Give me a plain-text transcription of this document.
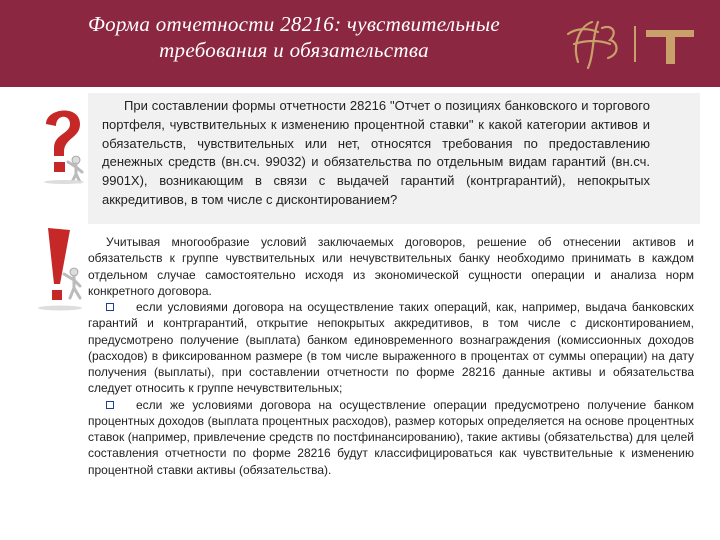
Форма отчетности 28216: чувствительные
требования и обязательства
При составлении формы отчетности 28216 "Отчет о позициях банковского и торгового портфеля, чувствительных к изменению процентной ставки" к какой категории активов и обязательств, чувствительных или нет, относятся требования по предоставлению денежных средств (вн.сч. 99032) и обязательства по отдельным видам гарантий (вн.сч. 9901Х), возникающим в связи с выдачей гарантий (контргарантий), непокрытых аккредитивов, в том числе с дисконтированием?

Учитывая многообразие условий заключаемых договоров, решение об отнесении активов и обязательств к группе чувствительных или нечувствительных банку необходимо принимать в каждом отдельном случае самостоятельно исходя из экономической сущности операции и анализа норм конкретного договора.

если условиями договора на осуществление таких операций, как, например, выдача банковских гарантий и контргарантий, открытие непокрытых аккредитивов, в том числе с дисконтированием, предусмотрено получение (выплата) банком единовременного вознаграждения (комиссионных доходов (расходов) в фиксированном размере (в том числе выраженного в процентах от суммы операции) на дату получения (выплаты), при составлении отчетности по форме 28216 данные активы и обязательства следует относить к группе нечувствительных;

если же условиями договора на осуществление операции предусмотрено получение банком процентных доходов (выплата процентных расходов), размер которых определяется на основе процентных ставок (например, привлечение средств по постфинансированию), такие активы (обязательства) для целей составления отчетности по форме 28216 будут классифицироваться как чувствительные к изменению процентной ставки активы (обязательства).
